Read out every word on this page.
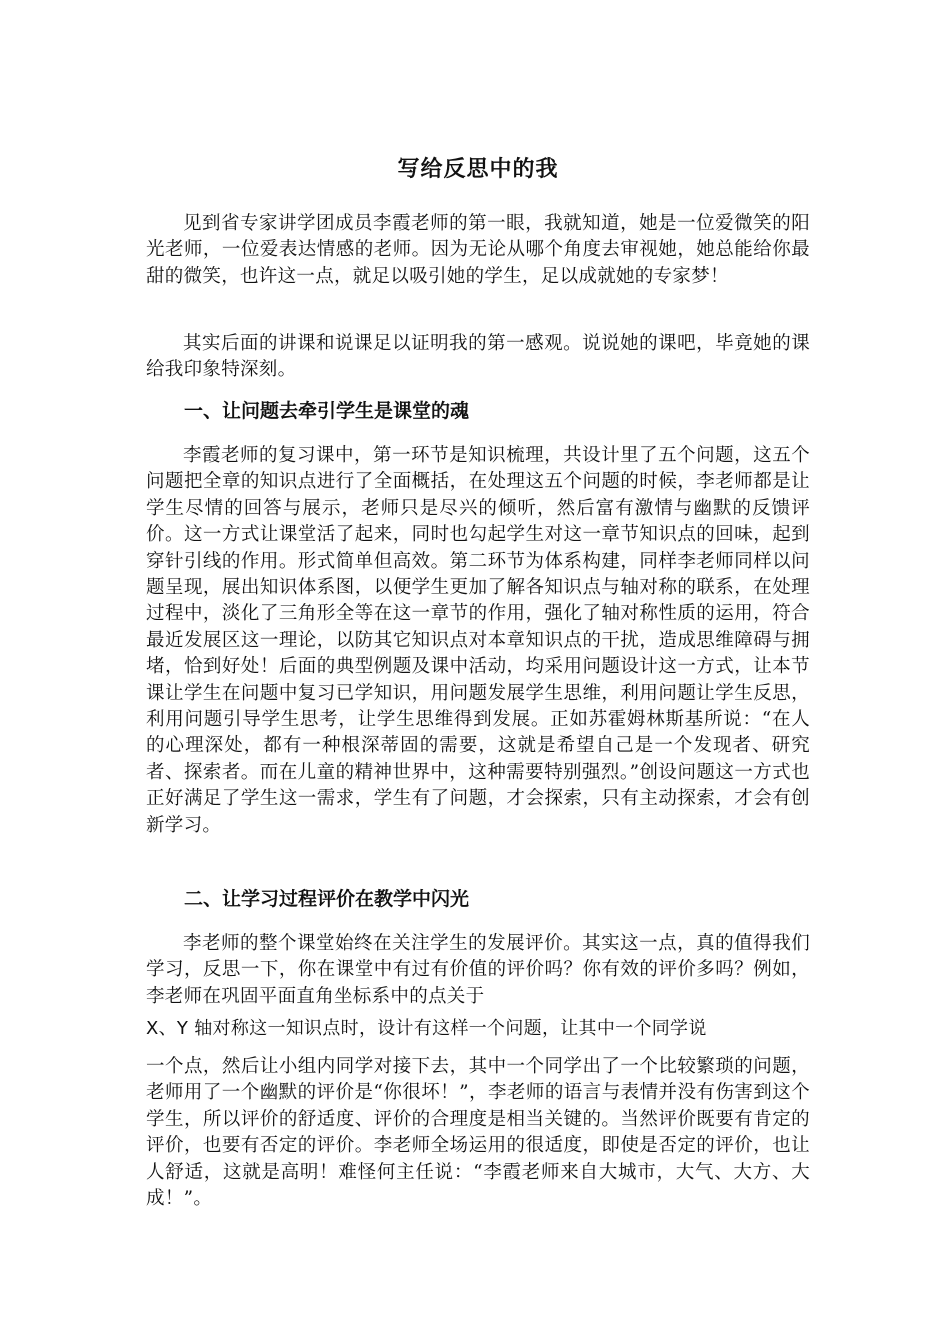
写给反思中的我

见到省专家讲学团成员李霞老师的第一眼，我就知道，她是一位爱微笑的阳光老师，一位爱表达情感的老师。因为无论从哪个角度去审视她，她总能给你最甜的微笑，也许这一点，就足以吸引她的学生，足以成就她的专家梦！

其实后面的讲课和说课足以证明我的第一感观。说说她的课吧，毕竟她的课给我印象特深刻。

一、让问题去牵引学生是课堂的魂

李霞老师的复习课中，第一环节是知识梳理，共设计里了五个问题，这五个问题把全章的知识点进行了全面概括，在处理这五个问题的时候，李老师都是让学生尽情的回答与展示，老师只是尽兴的倾听，然后富有激情与幽默的反馈评价。这一方式让课堂活了起来，同时也勾起学生对这一章节知识点的回味，起到穿针引线的作用。形式简单但高效。第二环节为体系构建，同样李老师同样以问题呈现，展出知识体系图，以便学生更加了解各知识点与轴对称的联系，在处理过程中，淡化了三角形全等在这一章节的作用，强化了轴对称性质的运用，符合最近发展区这一理论，以防其它知识点对本章知识点的干扰，造成思维障碍与拥堵，恰到好处！后面的典型例题及课中活动，均采用问题设计这一方式，让本节课让学生在问题中复习已学知识，用问题发展学生思维，利用问题让学生反思，利用问题引导学生思考，让学生思维得到发展。正如苏霍姆林斯基所说：“在人的心理深处，都有一种根深蒂固的需要，这就是希望自己是一个发现者、研究者、探索者。而在儿童的精神世界中，这种需要特别强烈。”创设问题这一方式也正好满足了学生这一需求，学生有了问题，才会探索，只有主动探索，才会有创新学习。

二、让学习过程评价在教学中闪光

李老师的整个课堂始终在关注学生的发展评价。其实这一点，真的值得我们学习，反思一下，你在课堂中有过有价值的评价吗？你有效的评价多吗？例如，李老师在巩固平面直角坐标系中的点关于

X、Y 轴对称这一知识点时，设计有这样一个问题，让其中一个同学说

一个点，然后让小组内同学对接下去，其中一个同学出了一个比较繁琐的问题，老师用了一个幽默的评价是“你很坏！”，李老师的语言与表情并没有伤害到这个学生，所以评价的舒适度、评价的合理度是相当关键的。当然评价既要有肯定的评价，也要有否定的评价。李老师全场运用的很适度，即使是否定的评价，也让人舒适，这就是高明！难怪何主任说：“李霞老师来自大城市，大气、大方、大成！”。
